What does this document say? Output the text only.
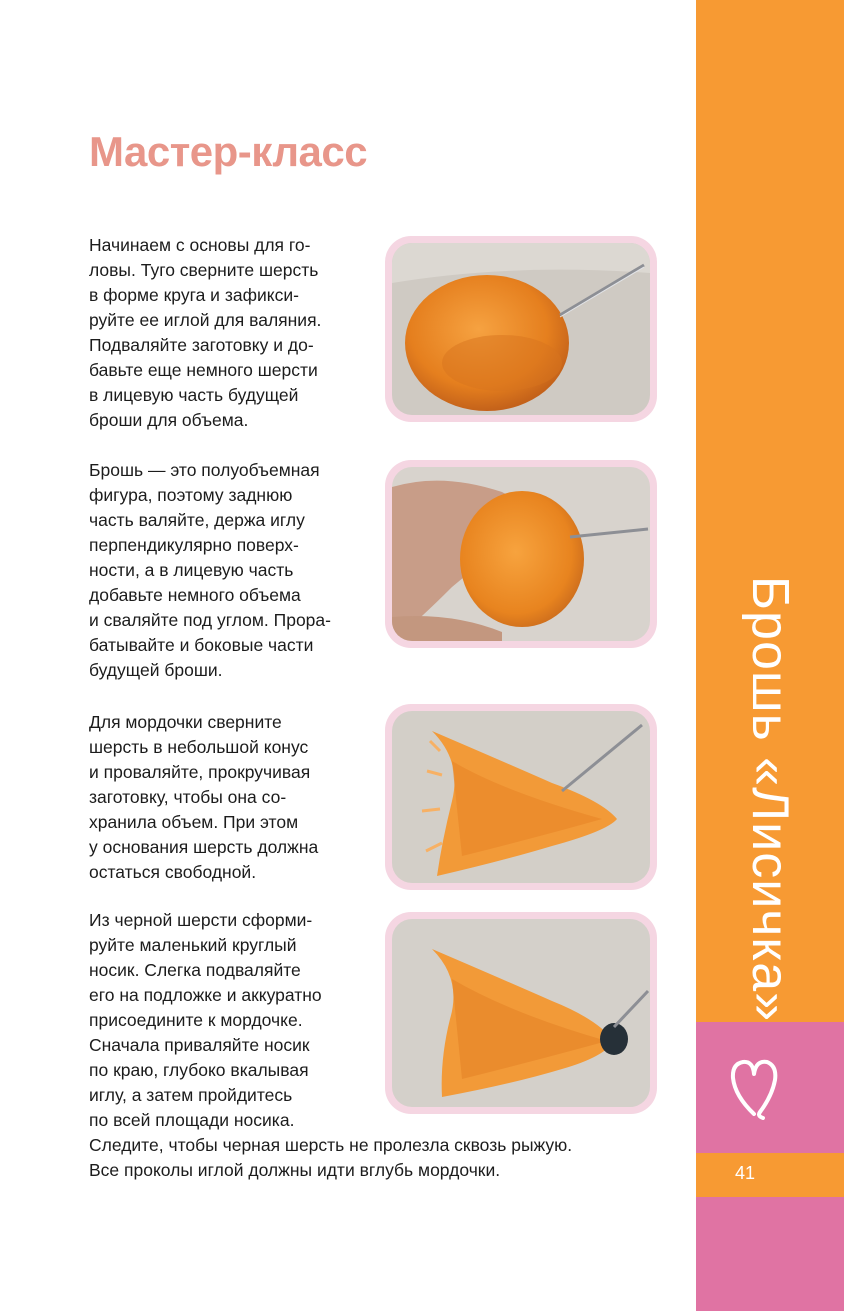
Мастер-класс
Начинаем с основы для го-
ловы. Туго сверните шерсть
в форме круга и зафикси-
руйте ее иглой для валяния.
Подваляйте заготовку и до-
бавьте еще немного шерсти
в лицевую часть будущей
броши для объема.
Брошь — это полуобъемная
фигура, поэтому заднюю
часть валяйте, держа иглу
перпендикулярно поверх-
ности, а в лицевую часть
добавьте немного объема
и сваляйте под углом. Прора-
батывайте и боковые части
будущей броши.
Для мордочки сверните
шерсть в небольшой конус
и проваляйте, прокручивая
заготовку, чтобы она со-
хранила объем. При этом
у основания шерсть должна
остаться свободной.
Из черной шерсти сформи-
руйте маленький круглый
носик. Слегка подваляйте
его на подложке и аккуратно
присоедините к мордочке.
Сначала приваляйте носик
по краю, глубоко вкалывая
иглу, а затем пройдитесь
по всей площади носика.
Следите, чтобы черная шерсть не пролезла сквозь рыжую.
Все проколы иглой должны идти вглубь мордочки.	41
Брошь «Лисичка»
